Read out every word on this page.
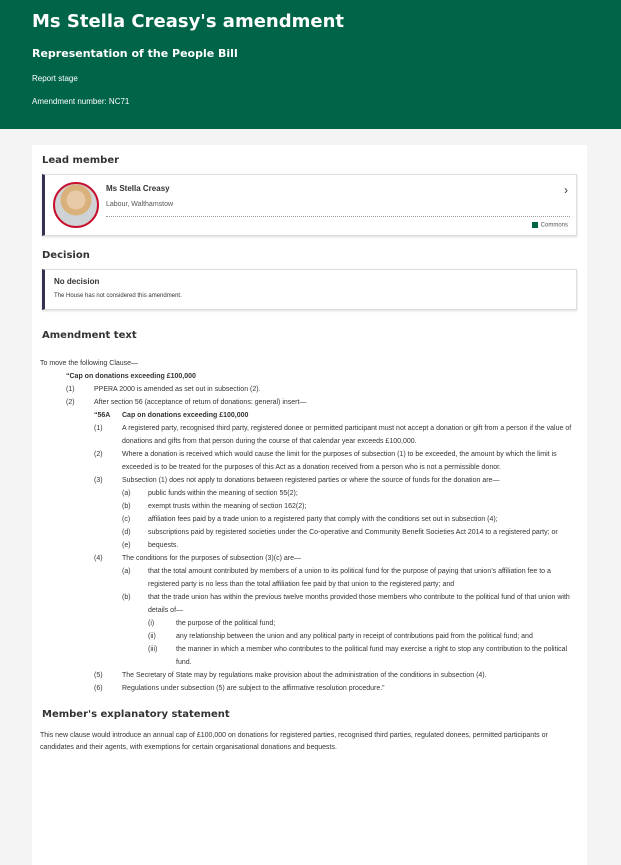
Ms Stella Creasy's amendment
Representation of the People Bill
Report stage
Amendment number: NC71
Lead member
Ms Stella Creasy
Labour, Walthamstow
›
Commons
Decision
No decision
The House has not considered this amendment.
Amendment text
To move the following Clause—
“Cap on donations exceeding £100,000
(1)	PPERA 2000 is amended as set out in subsection (2).
(2)	After section 56 (acceptance of return of donations: general) insert—
“56A Cap on donations exceeding £100,000
(1)	A registered party, recognised third party, registered donee or permitted participant must not accept a donation or gift from a person if the value of donations and gifts from that person during the course of that calendar year exceeds £100,000.
(2)	Where a donation is received which would cause the limit for the purposes of subsection (1) to be exceeded, the amount by which the limit is exceeded is to be treated for the purposes of this Act as a donation received from a person who is not a permissible donor.
(3)	Subsection (1) does not apply to donations between registered parties or where the source of funds for the donation are—
(a) public funds within the meaning of section 55(2);
(b) exempt trusts within the meaning of section 162(2);
(c)	affiliation fees paid by a trade union to a registered party that comply with the conditions set out in subsection (4);
(d) subscriptions paid by registered societies under the Co-operative and Community Benefit Societies Act 2014 to a registered party; or
(e) bequests.
(4)	The conditions for the purposes of subsection (3)(c) are—
(a) that the total amount contributed by members of a union to its political fund for the purpose of paying that union’s affiliation fee to a registered party is no less than the total affiliation fee paid by that union to the registered party; and
(b) that the trade union has within the previous twelve months provided those members who contribute to the political fund of that union with details of—
(i)	the purpose of the political fund;
(ii)	any relationship between the union and any political party in receipt of contributions paid from the political fund; and
(iii)	the manner in which a member who contributes to the political fund may exercise a right to stop any contribution to the political fund.
(5)	The Secretary of State may by regulations make provision about the administration of the conditions in subsection (4).
(6)	Regulations under subsection (5) are subject to the affirmative resolution procedure.”
Member's explanatory statement
This new clause would introduce an annual cap of £100,000 on donations for registered parties, recognised third parties, regulated donees, permitted participants or candidates and their agents, with exemptions for certain organisational donations and bequests.
